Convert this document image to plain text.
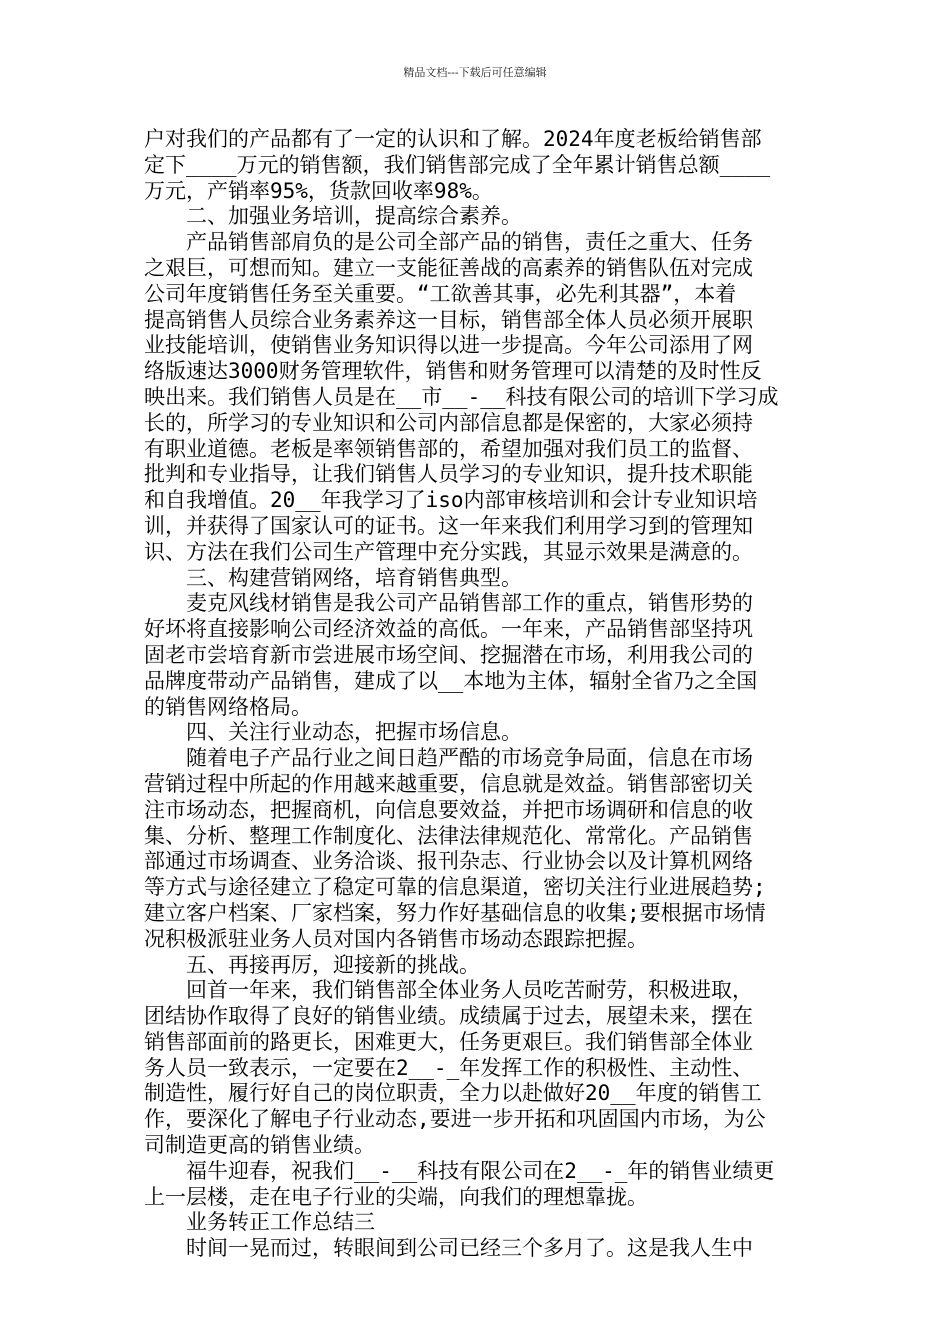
精品文档---下载后可任意编辑
户对我们的产品都有了一定的认识和了解。2024年度老板给销售部
定下____万元的销售额，我们销售部完成了全年累计销售总额____
万元，产销率95%，货款回收率98%。
二、加强业务培训，提高综合素养。
产品销售部肩负的是公司全部产品的销售，责任之重大、任务
之艰巨，可想而知。建立一支能征善战的高素养的销售队伍对完成
公司年度销售任务至关重要。“工欲善其事，必先利其器”，本着
提高销售人员综合业务素养这一目标，销售部全体人员必须开展职
业技能培训，使销售业务知识得以进一步提高。今年公司添用了网
络版速达3000财务管理软件，销售和财务管理可以清楚的及时性反
映出来。我们销售人员是在__市__-__科技有限公司的培训下学习成
长的，所学习的专业知识和公司内部信息都是保密的，大家必须持
有职业道德。老板是率领销售部的，希望加强对我们员工的监督、
批判和专业指导，让我们销售人员学习的专业知识，提升技术职能
和自我增值。20__年我学习了iso内部审核培训和会计专业知识培
训，并获得了国家认可的证书。这一年来我们利用学习到的管理知
识、方法在我们公司生产管理中充分实践，其显示效果是满意的。
三、构建营销网络，培育销售典型。
麦克风线材销售是我公司产品销售部工作的重点，销售形势的
好坏将直接影响公司经济效益的高低。一年来，产品销售部坚持巩
固老市尝培育新市尝进展市场空间、挖掘潜在市场，利用我公司的
品牌度带动产品销售，建成了以__本地为主体，辐射全省乃之全国
的销售网络格局。
四、关注行业动态，把握市场信息。
随着电子产品行业之间日趋严酷的市场竞争局面，信息在市场
营销过程中所起的作用越来越重要，信息就是效益。销售部密切关
注市场动态，把握商机，向信息要效益，并把市场调研和信息的收
集、分析、整理工作制度化、法律法律规范化、常常化。产品销售
部通过市场调查、业务洽谈、报刊杂志、行业协会以及计算机网络
等方式与途径建立了稳定可靠的信息渠道，密切关注行业进展趋势;
建立客户档案、厂家档案，努力作好基础信息的收集;要根据市场情
况积极派驻业务人员对国内各销售市场动态跟踪把握。
五、再接再厉，迎接新的挑战。
回首一年来，我们销售部全体业务人员吃苦耐劳，积极进取，
团结协作取得了良好的销售业绩。成绩属于过去，展望未来，摆在
销售部面前的路更长，困难更大，任务更艰巨。我们销售部全体业
务人员一致表示，一定要在2__-_年发挥工作的积极性、主动性、
制造性，履行好自己的岗位职责，全力以赴做好20__年度的销售工
作，要深化了解电子行业动态,要进一步开拓和巩固国内市场，为公
司制造更高的销售业绩。
福牛迎春，祝我们__-__科技有限公司在2__-_年的销售业绩更
上一层楼，走在电子行业的尖端，向我们的理想靠拢。
业务转正工作总结三
时间一晃而过，转眼间到公司已经三个多月了。这是我人生中
